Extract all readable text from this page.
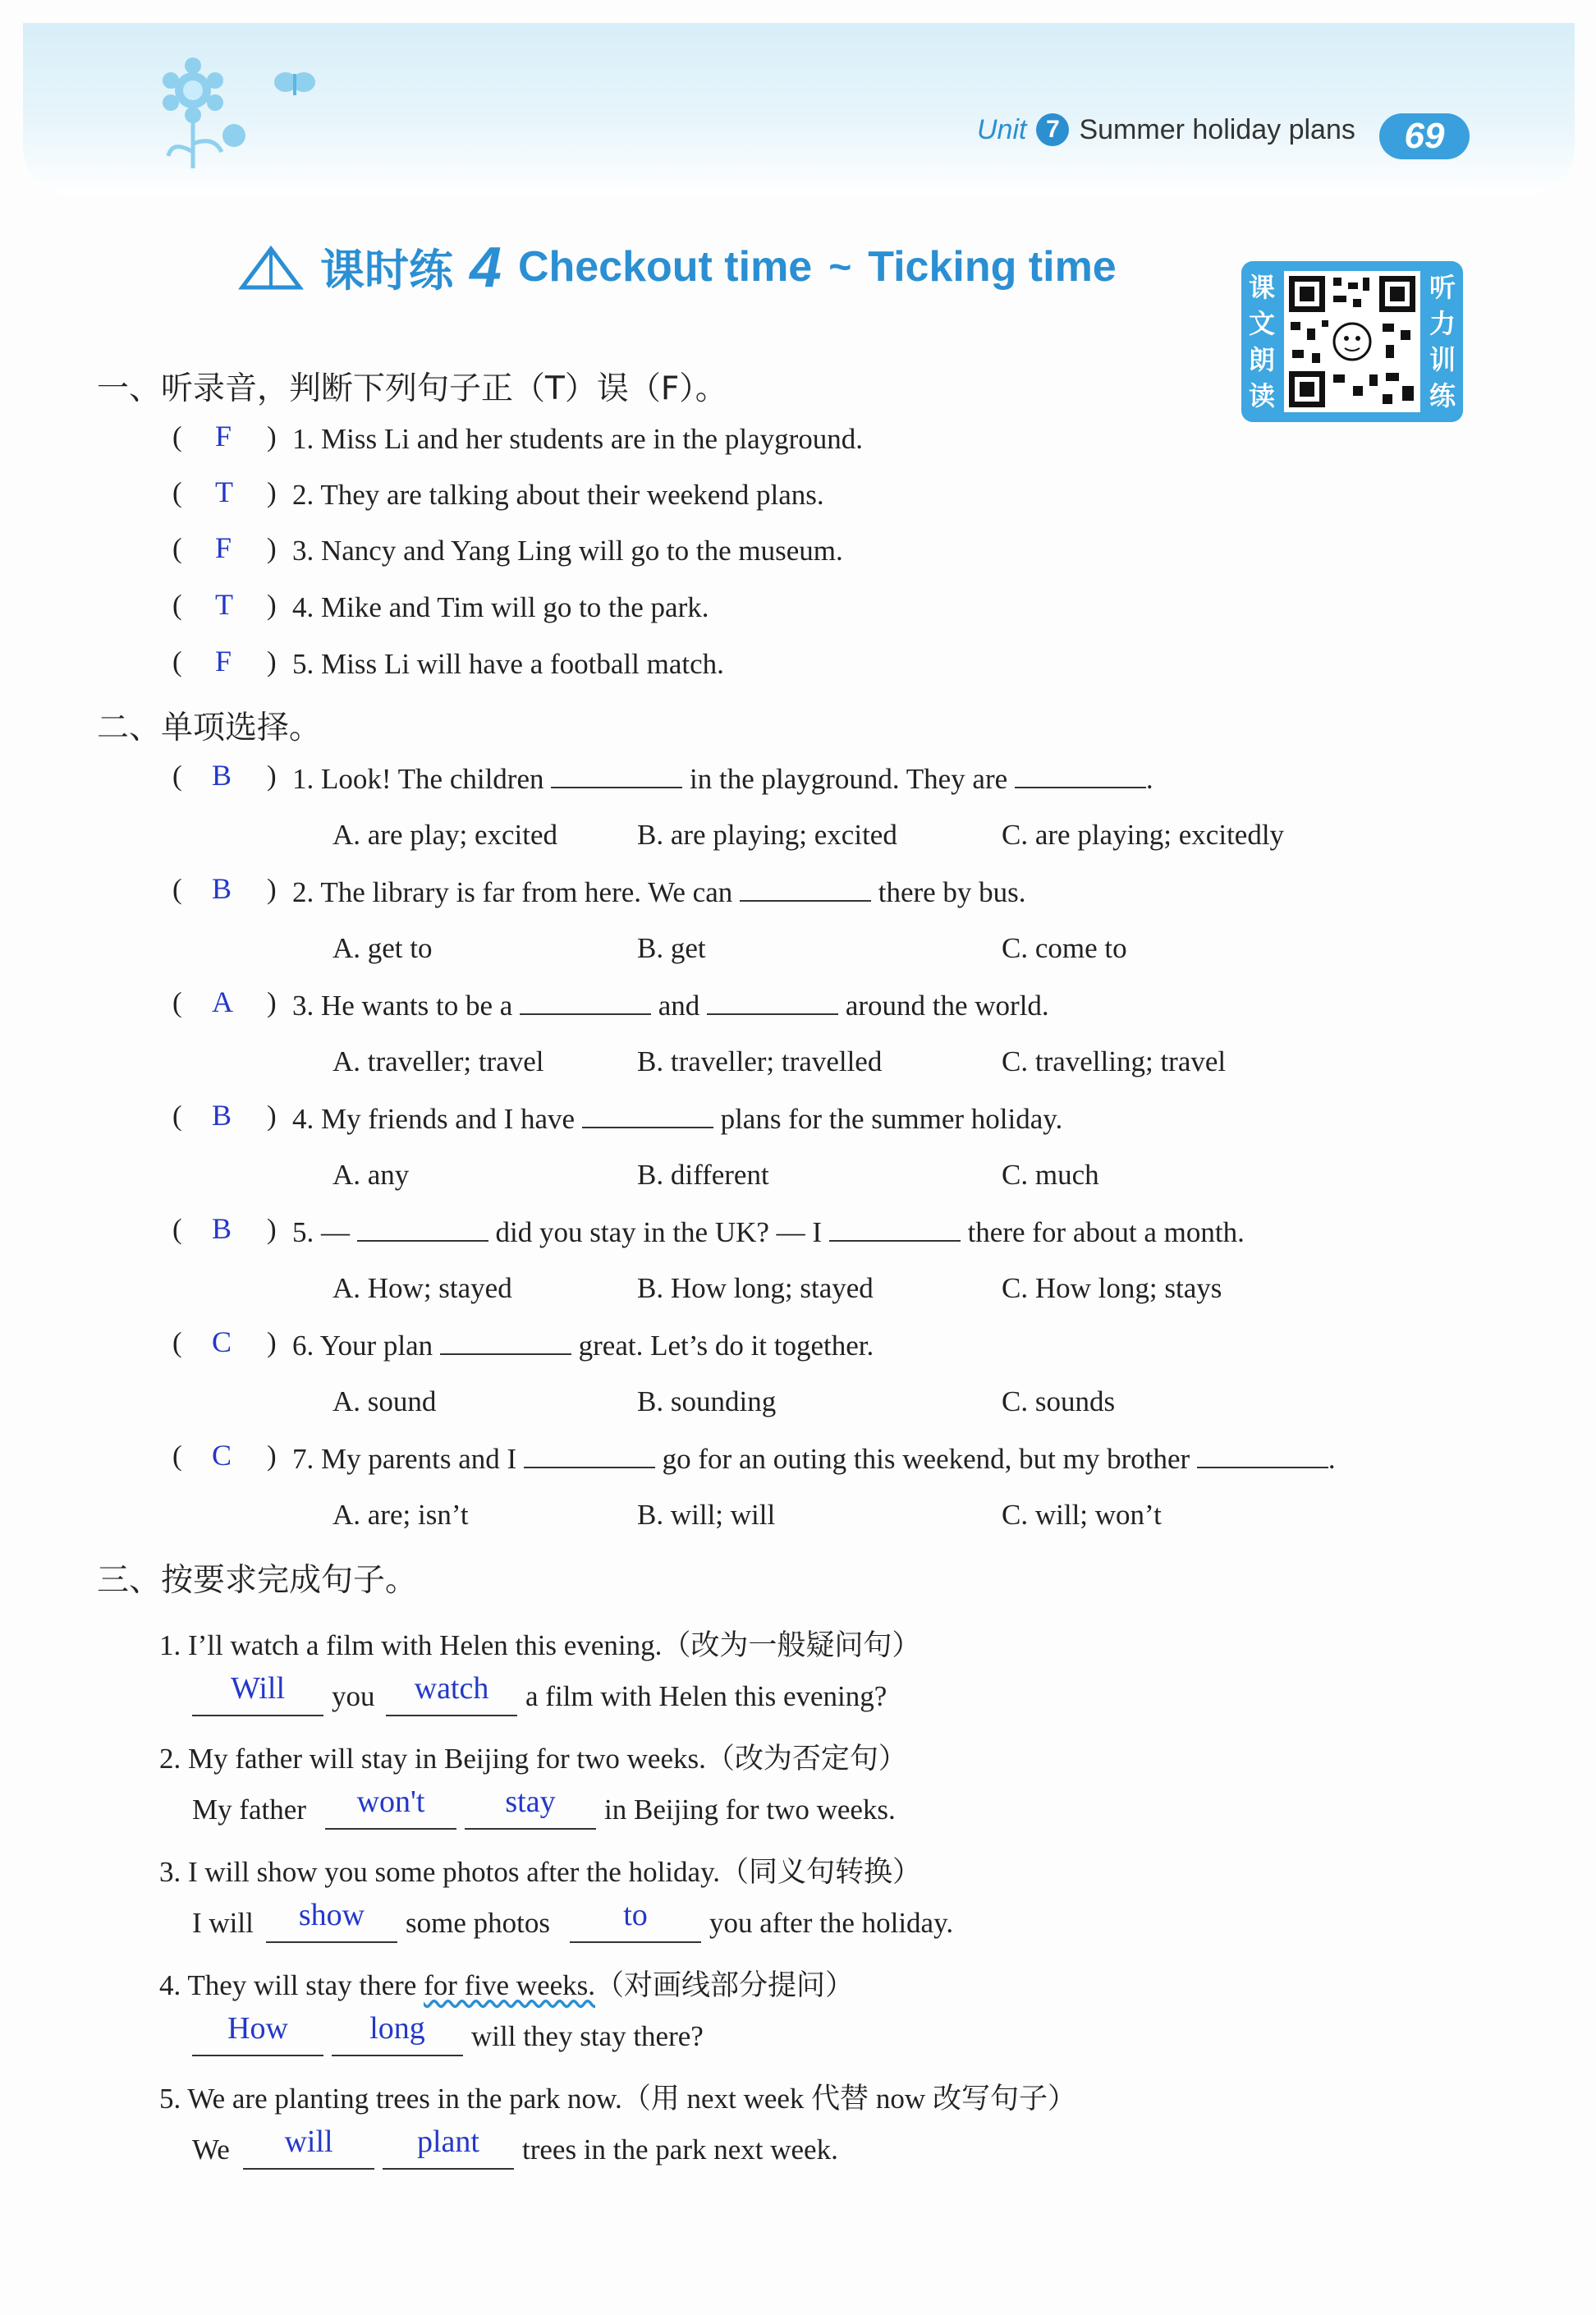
Unit 7 Summer holiday plans	69
课时练 4 Checkout time ~ Ticking time	课
文
朗
读
听
力
训
练
一、听录音，判断下列句子正（T）误（F）。
( F ) 1. Miss Li and her students are in the playground.
( T ) 2. They are talking about their weekend plans.
( F ) 3. Nancy and Yang Ling will go to the museum.
( T ) 4. Mike and Tim will go to the park.
( F ) 5. Miss Li will have a football match.
二、单项选择。
( B ) 1. Look! The children	in the playground. They are	.
A. are play; excited	B. are playing; excited	C. are playing; excitedly
( B ) 2. The library is far from here. We can	there by bus.
A. get to	B. get	C. come to
( A ) 3. He wants to be a	and	around the world.
A. traveller; travel	B. traveller; travelled	C. travelling; travel
( B ) 4. My friends and I have	plans for the summer holiday.
A. any	B. different	C. much
( B ) 5. —	did you stay in the UK? — I	there for about a month.
A. How; stayed	B. How long; stayed	C. How long; stays
( C ) 6. Your plan	great. Let’s do it together.
A. sound	B. sounding	C. sounds
( C ) 7. My parents and I	go for an outing this weekend, but my brother	.
A. are; isn’t	B. will; will	C. will; won’t
三、按要求完成句子。
1. I’ll watch a film with Helen this evening.（改为一般疑问句）
Will	you	watch	a film with Helen this evening?
2. My father will stay in Beijing for two weeks.（改为否定句）
My father	won't	stay	in Beijing for two weeks.
3. I will show you some photos after the holiday.（同义句转换）
I will	show	some photos	to	you after the holiday.
4. They will stay there for five weeks.（对画线部分提问）
How	long	will they stay there?
5. We are planting trees in the park now.（用 next week 代替 now 改写句子）
We	will	plant	trees in the park next week.
